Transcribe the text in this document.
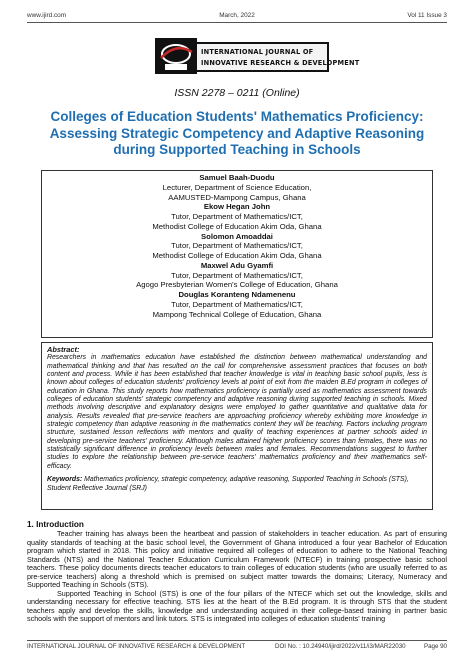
www.ijird.com	March, 2022	Vol 11 Issue 3
INTERNATIONAL JOURNAL OF
INNOVATIVE RESEARCH & DEVELOPMENT
ISSN 2278 – 0211 (Online)
Colleges of Education Students' Mathematics Proficiency: Assessing Strategic Competency and Adaptive Reasoning during Supported Teaching in Schools
Samuel Baah-Duodu
Lecturer, Department of Science Education,
AAMUSTED-Mampong Campus, Ghana
Ekow Hegan John
Tutor, Department of Mathematics/ICT,
Methodist College of Education Akim Oda, Ghana
Solomon Amoaddai
Tutor, Department of Mathematics/ICT,
Methodist College of Education Akim Oda, Ghana
Maxwel Adu Gyamfi
Tutor, Department of Mathematics/ICT,
Agogo Presbyterian Women's College of Education, Ghana
Douglas Koranteng Ndamenenu
Tutor, Department of Mathematics/ICT,
Mampong Technical College of Education, Ghana
Abstract:
Researchers in mathematics education have established the distinction between mathematical understanding and mathematical thinking and that has resulted on the call for comprehensive assessment practices that focuses on both content and process. While it has been established that teacher knowledge is vital in teaching basic school pupils, less is known about colleges of education students' proficiency levels at point of exit from the maiden B.Ed program in colleges of education in Ghana. This study reports how mathematics proficiency is partially used as mathematics assessment towards colleges of education students' strategic competency and adaptive reasoning during supported teaching in schools. Mixed methods involving descriptive and explanatory designs were employed to gather quantitative and qualitative data for analysis. Results revealed that pre-service teachers are approaching proficiency whereby exhibiting more knowledge in strategic competency than adaptive reasoning in the mathematics content they will be teaching. Factors including program structure, sustained lesson reflections with mentors and quality of teaching experiences at partner schools aided in developing pre-service teachers' proficiency. Although males attained higher proficiency scores than females, there was no statistically significant difference in proficiency levels between males and females. Recommendations suggest to further studies to explore the relationship between pre-service teachers' mathematics proficiency and their mathematics self-efficacy.
Keywords: Mathematics proficiency, strategic competency, adaptive reasoning, Supported Teaching in Schools (STS), Student Reflective Journal (SRJ)
1. Introduction

Teacher training has always been the heartbeat and passion of stakeholders in teacher education. As part of ensuring quality standards of teaching at the basic school level, the Government of Ghana introduced a four year Bachelor of Education program which started in 2018. This policy and initiative required all colleges of education to adhere to the National Teaching Standards (NTS) and the National Teacher Education Curriculum Framework (NTECF) in training prospective basic school teachers. These policy documents directs teacher educators to train colleges of education students (who are usually referred to as pre-service teachers) along a threshold which is premised on subject matter towards the domains; Literacy, Numeracy and Supported Teaching in Schools (STS).

Supported Teaching in School (STS) is one of the four pillars of the NTECF which set out the knowledge, skills and understanding necessary for effective teaching. STS lies at the heart of the B.Ed program. It is through STS that the student teachers apply and develop the skills, knowledge and understanding acquired in their college-based training in partner basic schools with the support of mentors and link tutors. STS is integrated into colleges of education students' training

INTERNATIONAL JOURNAL OF INNOVATIVE RESEARCH & DEVELOPMENT	DOI No. : 10.24940/ijird/2022/v11/i3/MAR22030	Page 90
